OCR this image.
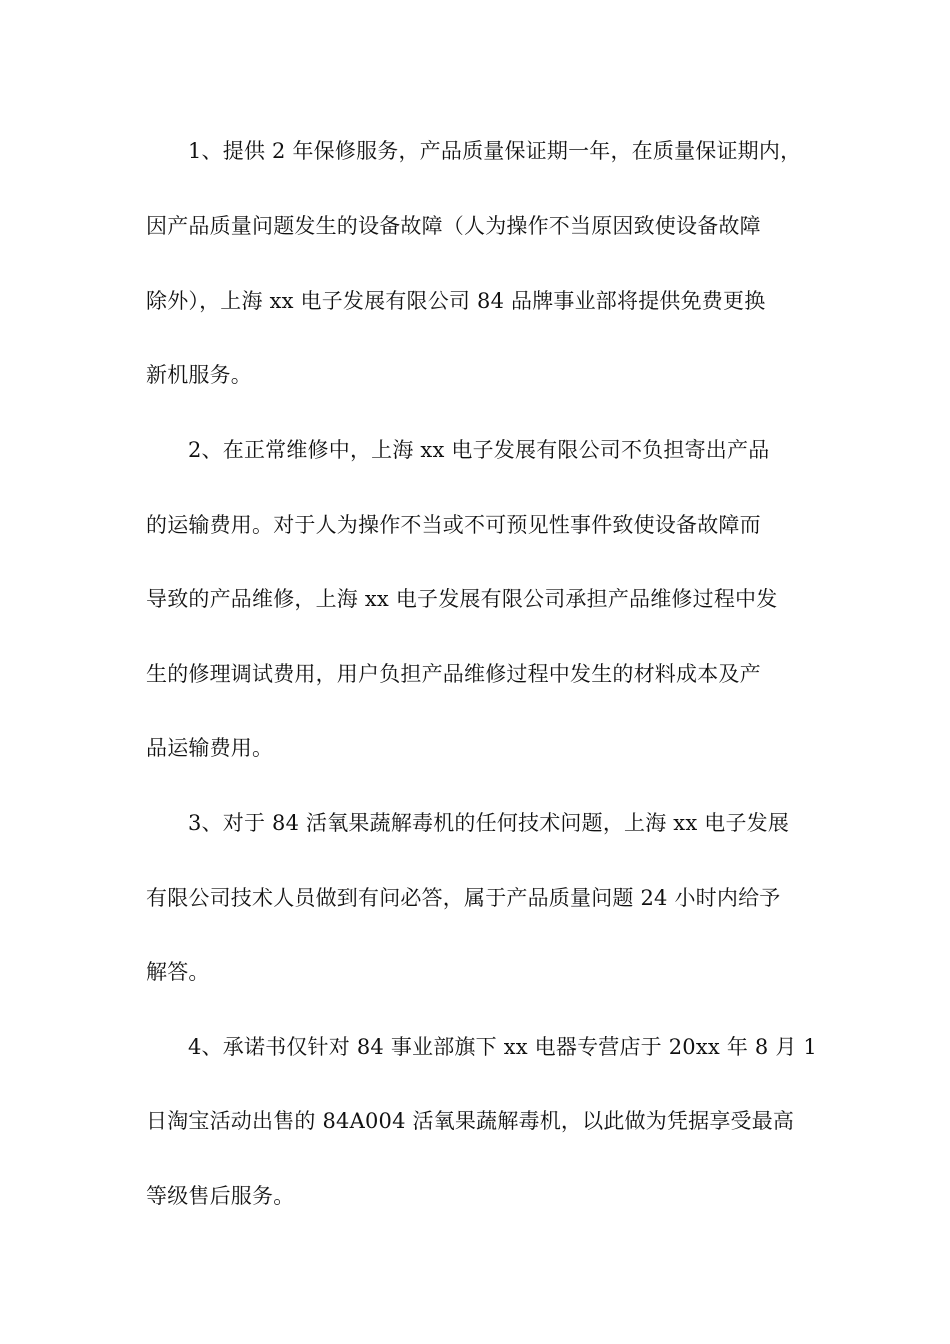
1、提供 2 年保修服务，产品质量保证期一年，在质量保证期内，
因产品质量问题发生的设备故障（人为操作不当原因致使设备故障
除外），上海 xx 电子发展有限公司 84 品牌事业部将提供免费更换
新机服务。
2、在正常维修中，上海 xx 电子发展有限公司不负担寄出产品
的运输费用。对于人为操作不当或不可预见性事件致使设备故障而
导致的产品维修，上海 xx 电子发展有限公司承担产品维修过程中发
生的修理调试费用，用户负担产品维修过程中发生的材料成本及产
品运输费用。
3、对于 84 活氧果蔬解毒机的任何技术问题，上海 xx 电子发展
有限公司技术人员做到有问必答，属于产品质量问题 24 小时内给予
解答。
4、承诺书仅针对 84 事业部旗下 xx 电器专营店于 20xx 年 8 月 1
日淘宝活动出售的 84A004 活氧果蔬解毒机，以此做为凭据享受最高
等级售后服务。
